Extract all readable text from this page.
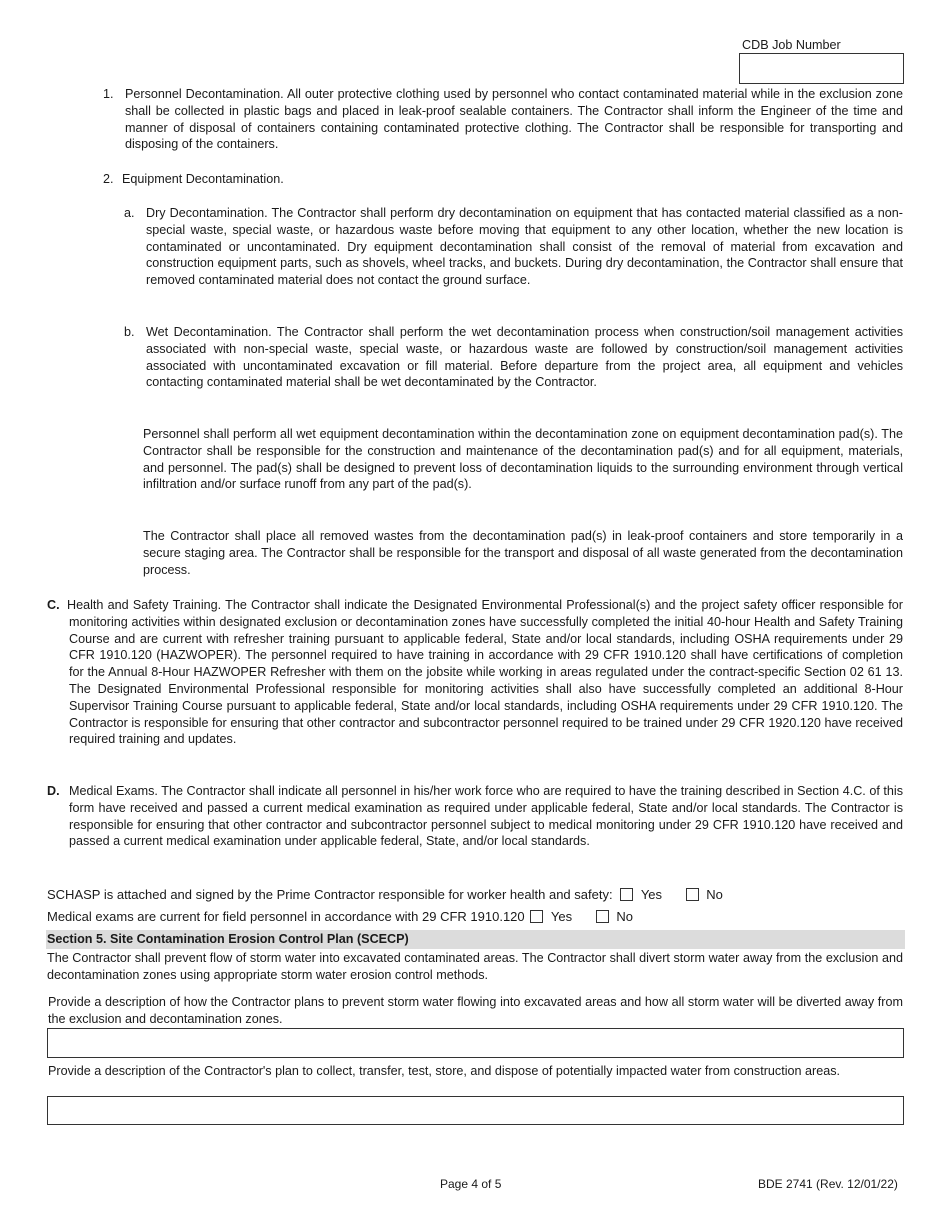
CDB Job Number
1. Personnel Decontamination. All outer protective clothing used by personnel who contact contaminated material while in the exclusion zone shall be collected in plastic bags and placed in leak-proof sealable containers. The Contractor shall inform the Engineer of the time and manner of disposal of containers containing contaminated protective clothing. The Contractor shall be responsible for transporting and disposing of the containers.
2. Equipment Decontamination.
a. Dry Decontamination. The Contractor shall perform dry decontamination on equipment that has contacted material classified as a non-special waste, special waste, or hazardous waste before moving that equipment to any other location, whether the new location is contaminated or uncontaminated. Dry equipment decontamination shall consist of the removal of material from excavation and construction equipment parts, such as shovels, wheel tracks, and buckets. During dry decontamination, the Contractor shall ensure that removed contaminated material does not contact the ground surface.
b. Wet Decontamination. The Contractor shall perform the wet decontamination process when construction/soil management activities associated with non-special waste, special waste, or hazardous waste are followed by construction/soil management activities associated with uncontaminated excavation or fill material. Before departure from the project area, all equipment and vehicles contacting contaminated material shall be wet decontaminated by the Contractor.
Personnel shall perform all wet equipment decontamination within the decontamination zone on equipment decontamination pad(s). The Contractor shall be responsible for the construction and maintenance of the decontamination pad(s) and for all equipment, materials, and personnel. The pad(s) shall be designed to prevent loss of decontamination liquids to the surrounding environment through vertical infiltration and/or surface runoff from any part of the pad(s).
The Contractor shall place all removed wastes from the decontamination pad(s) in leak-proof containers and store temporarily in a secure staging area. The Contractor shall be responsible for the transport and disposal of all waste generated from the decontamination process.
C. Health and Safety Training. The Contractor shall indicate the Designated Environmental Professional(s) and the project safety officer responsible for monitoring activities within designated exclusion or decontamination zones have successfully completed the initial 40-hour Health and Safety Training Course and are current with refresher training pursuant to applicable federal, State and/or local standards, including OSHA requirements under 29 CFR 1910.120 (HAZWOPER). The personnel required to have training in accordance with 29 CFR 1910.120 shall have certifications of completion for the Annual 8-Hour HAZWOPER Refresher with them on the jobsite while working in areas regulated under the contract-specific Section 02 61 13. The Designated Environmental Professional responsible for monitoring activities shall also have successfully completed an additional 8-Hour Supervisor Training Course pursuant to applicable federal, State and/or local standards, including OSHA requirements under 29 CFR 1910.120. The Contractor is responsible for ensuring that other contractor and subcontractor personnel required to be trained under 29 CFR 1920.120 have received required training and updates.
D. Medical Exams. The Contractor shall indicate all personnel in his/her work force who are required to have the training described in Section 4.C. of this form have received and passed a current medical examination as required under applicable federal, State and/or local standards. The Contractor is responsible for ensuring that other contractor and subcontractor personnel subject to medical monitoring under 29 CFR 1910.120 have received and passed a current medical examination under applicable federal, State, and/or local standards.
SCHASP is attached and signed by the Prime Contractor responsible for worker health and safety: Yes	No
Medical exams are current for field personnel in accordance with 29 CFR 1910.120 Yes	No
Section 5. Site Contamination Erosion Control Plan (SCECP)
The Contractor shall prevent flow of storm water into excavated contaminated areas. The Contractor shall divert storm water away from the exclusion and decontamination zones using appropriate storm water erosion control methods.
Provide a description of how the Contractor plans to prevent storm water flowing into excavated areas and how all storm water will be diverted away from the exclusion and decontamination zones.
Provide a description of the Contractor's plan to collect, transfer, test, store, and dispose of potentially impacted water from construction areas.
Page 4 of 5	BDE 2741 (Rev. 12/01/22)
